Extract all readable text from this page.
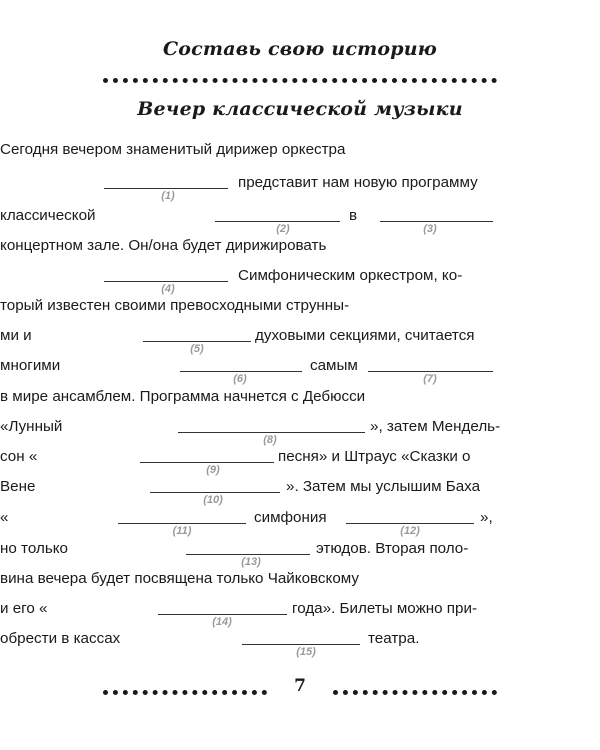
Составь свою историю
Вечер классической музыки
Сегодня вечером знаменитый дирижер оркестра
представит нам новую программу
классической	в
концертном зале. Он/она будет дирижировать
Симфоническим оркестром, ко-
торый известен своими превосходными струнны-
ми и	духовыми секциями, считается
многими	самым
в мире ансамблем. Программа начнется с Дебюсси
«Лунный	», затем Мендель-
сон «	песня» и Штраус «Сказки о
Вене	». Затем мы услышим Баха
«	симфония	»,
но только	этюдов. Вторая поло-
вина вечера будет посвящена только Чайковскому
и его «	года». Билеты можно при-
обрести в кассах	театра.
(1)
(2)	(3)
(4)
(5)
(6)	(7)
(8)
(9)
(10)
(11)	(12)
(13)
(14)
(15)
7
